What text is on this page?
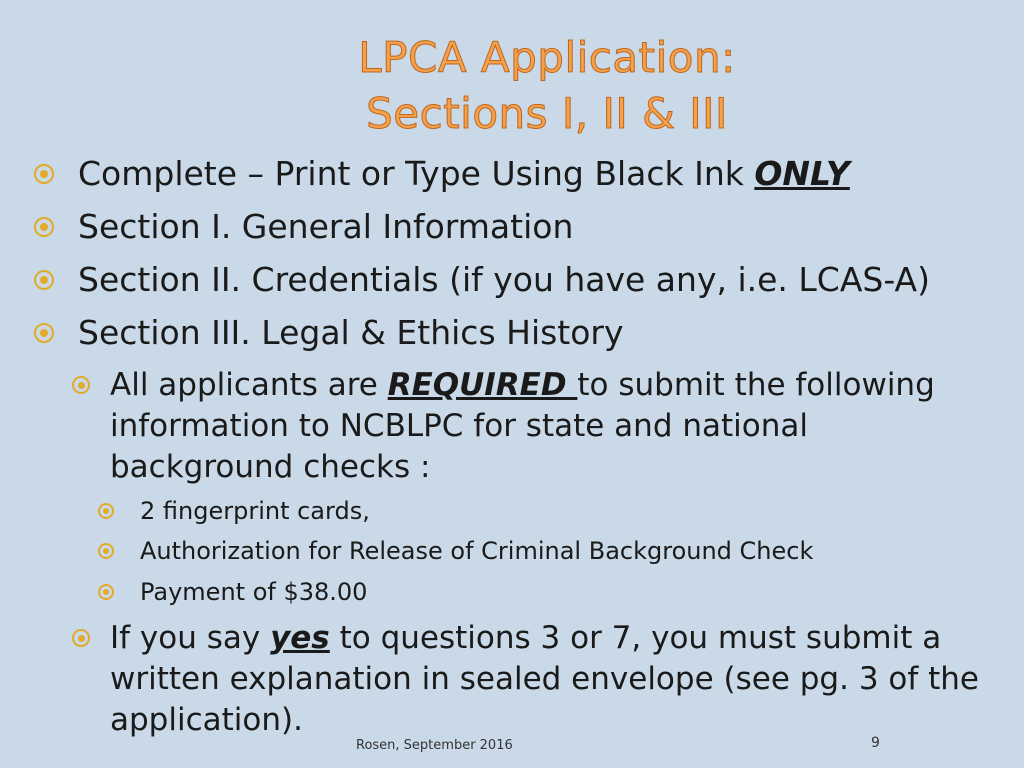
LPCA Application:
Sections I, II & III
Complete – Print or Type Using Black Ink ONLY
Section I. General Information
Section II. Credentials (if you have any, i.e. LCAS-A)
Section III. Legal & Ethics History
All applicants are REQUIRED to submit the following information to NCBLPC for state and national background checks :
2 fingerprint cards,
Authorization for Release of Criminal Background Check
Payment of $38.00
If you say yes to questions 3 or 7, you must submit a written explanation in sealed envelope (see pg. 3 of the application).
Rosen, September 2016	9
